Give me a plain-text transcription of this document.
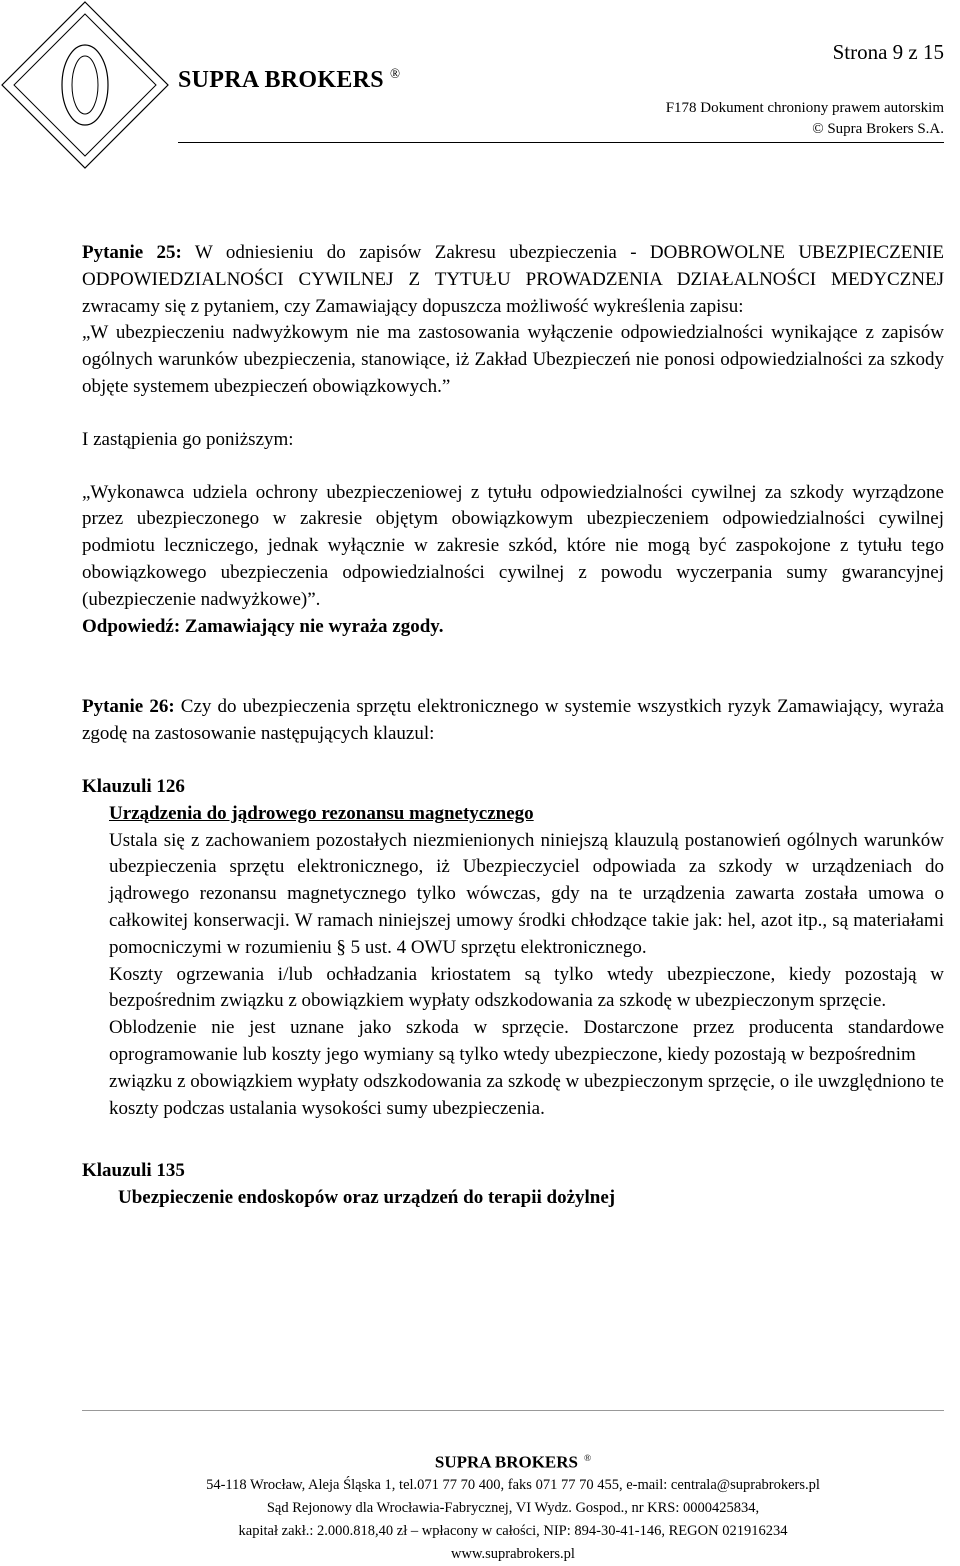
Strona 9 z 15
SUPRA BROKERS ®
F178 Dokument chroniony prawem autorskim
© Supra Brokers S.A.

Pytanie 25: W odniesieniu do zapisów Zakresu ubezpieczenia - DOBROWOLNE UBEZPIECZENIE ODPOWIEDZIALNOŚCI CYWILNEJ Z TYTUŁU PROWADZENIA DZIAŁALNOŚCI MEDYCZNEJ zwracamy się z pytaniem, czy Zamawiający dopuszcza możliwość wykreślenia zapisu:

„W ubezpieczeniu nadwyżkowym nie ma zastosowania wyłączenie odpowiedzialności wynikające z zapisów ogólnych warunków ubezpieczenia, stanowiące, iż Zakład Ubezpieczeń nie ponosi odpowiedzialności za szkody objęte systemem ubezpieczeń obowiązkowych.”

I zastąpienia go poniższym:

„Wykonawca udziela ochrony ubezpieczeniowej z tytułu odpowiedzialności cywilnej za szkody wyrządzone przez ubezpieczonego w zakresie objętym obowiązkowym ubezpieczeniem odpowiedzialności cywilnej podmiotu leczniczego, jednak wyłącznie w zakresie szkód, które nie mogą być zaspokojone z tytułu tego obowiązkowego ubezpieczenia odpowiedzialności cywilnej z powodu wyczerpania sumy gwarancyjnej (ubezpieczenie nadwyżkowe)”.

Odpowiedź: Zamawiający nie wyraża zgody.

Pytanie 26: Czy do ubezpieczenia sprzętu elektronicznego w systemie wszystkich ryzyk Zamawiający, wyraża zgodę na zastosowanie następujących klauzul:

Klauzuli 126

Urządzenia do jądrowego rezonansu magnetycznego

Ustala się z zachowaniem pozostałych niezmienionych niniejszą klauzulą postanowień ogólnych warunków ubezpieczenia sprzętu elektronicznego, iż Ubezpieczyciel odpowiada za szkody w urządzeniach do jądrowego rezonansu magnetycznego tylko wówczas, gdy na te urządzenia zawarta została umowa o całkowitej konserwacji. W ramach niniejszej umowy środki chłodzące takie jak: hel, azot itp., są materiałami pomocniczymi w rozumieniu § 5 ust. 4 OWU sprzętu elektronicznego.

Koszty ogrzewania i/lub ochładzania kriostatem są tylko wtedy ubezpieczone, kiedy pozostają w bezpośrednim związku z obowiązkiem wypłaty odszkodowania za szkodę w ubezpieczonym sprzęcie.

Oblodzenie nie jest uznane jako szkoda w sprzęcie. Dostarczone przez producenta standardowe oprogramowanie lub koszty jego wymiany są tylko wtedy ubezpieczone, kiedy pozostają w bezpośrednim

związku z obowiązkiem wypłaty odszkodowania za szkodę w ubezpieczonym sprzęcie, o ile uwzględniono te koszty podczas ustalania wysokości sumy ubezpieczenia.

Klauzuli 135

Ubezpieczenie endoskopów oraz urządzeń do terapii dożylnej

SUPRA BROKERS ®
54-118 Wrocław, Aleja Śląska 1, tel.071 77 70 400, faks 071 77 70 455, e-mail: centrala@suprabrokers.pl
Sąd Rejonowy dla Wrocławia-Fabrycznej, VI Wydz. Gospod., nr KRS: 0000425834,
kapitał zakł.: 2.000.818,40 zł – wpłacony w całości, NIP: 894-30-41-146, REGON 021916234
www.suprabrokers.pl
